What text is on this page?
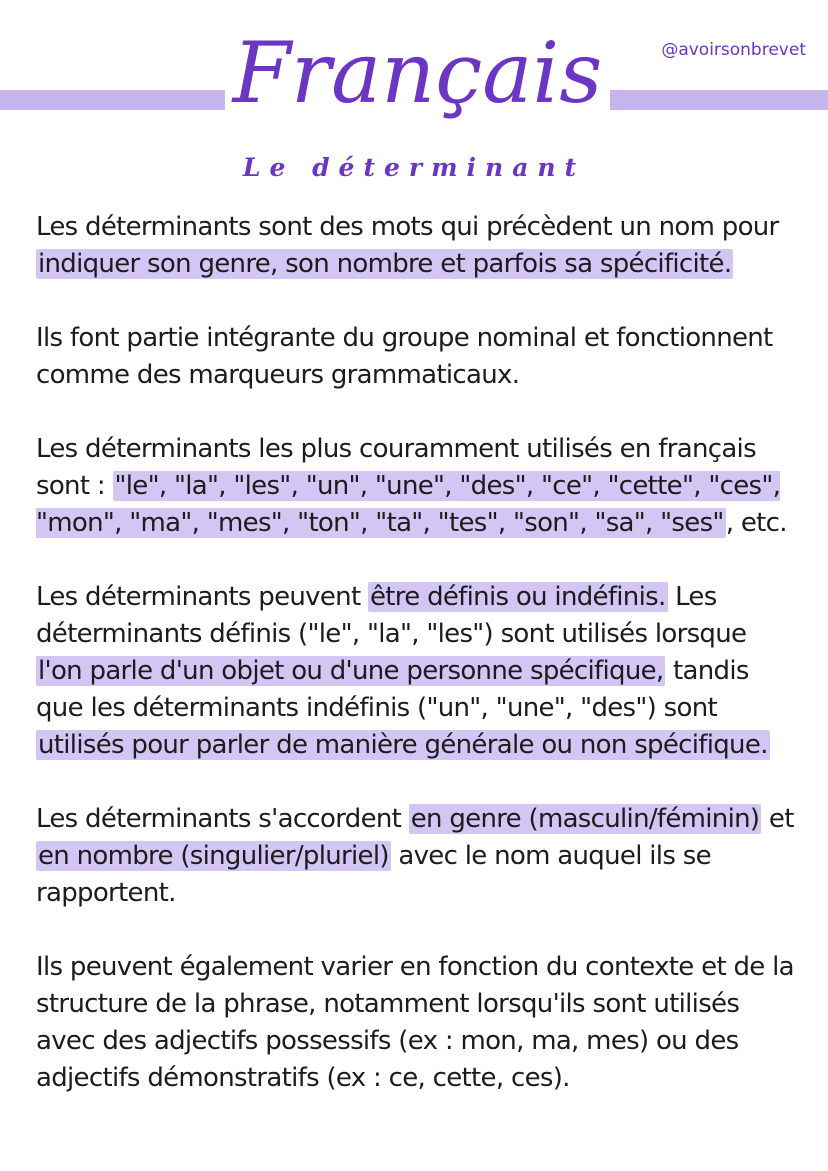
Français	@avoirsonbrevet
Le déterminant

Les déterminants sont des mots qui précèdent un nom pour indiquer son genre, son nombre et parfois sa spécificité.

Ils font partie intégrante du groupe nominal et fonctionnent comme des marqueurs grammaticaux.

Les déterminants les plus couramment utilisés en français sont : "le", "la", "les", "un", "une", "des", "ce", "cette", "ces", "mon", "ma", "mes", "ton", "ta", "tes", "son", "sa", "ses", etc.

Les déterminants peuvent être définis ou indéfinis. Les déterminants définis ("le", "la", "les") sont utilisés lorsque l'on parle d'un objet ou d'une personne spécifique, tandis que les déterminants indéfinis ("un", "une", "des") sont utilisés pour parler de manière générale ou non spécifique.

Les déterminants s'accordent en genre (masculin/féminin) et en nombre (singulier/pluriel) avec le nom auquel ils se rapportent.

Ils peuvent également varier en fonction du contexte et de la structure de la phrase, notamment lorsqu'ils sont utilisés avec des adjectifs possessifs (ex : mon, ma, mes) ou des adjectifs démonstratifs (ex : ce, cette, ces).
